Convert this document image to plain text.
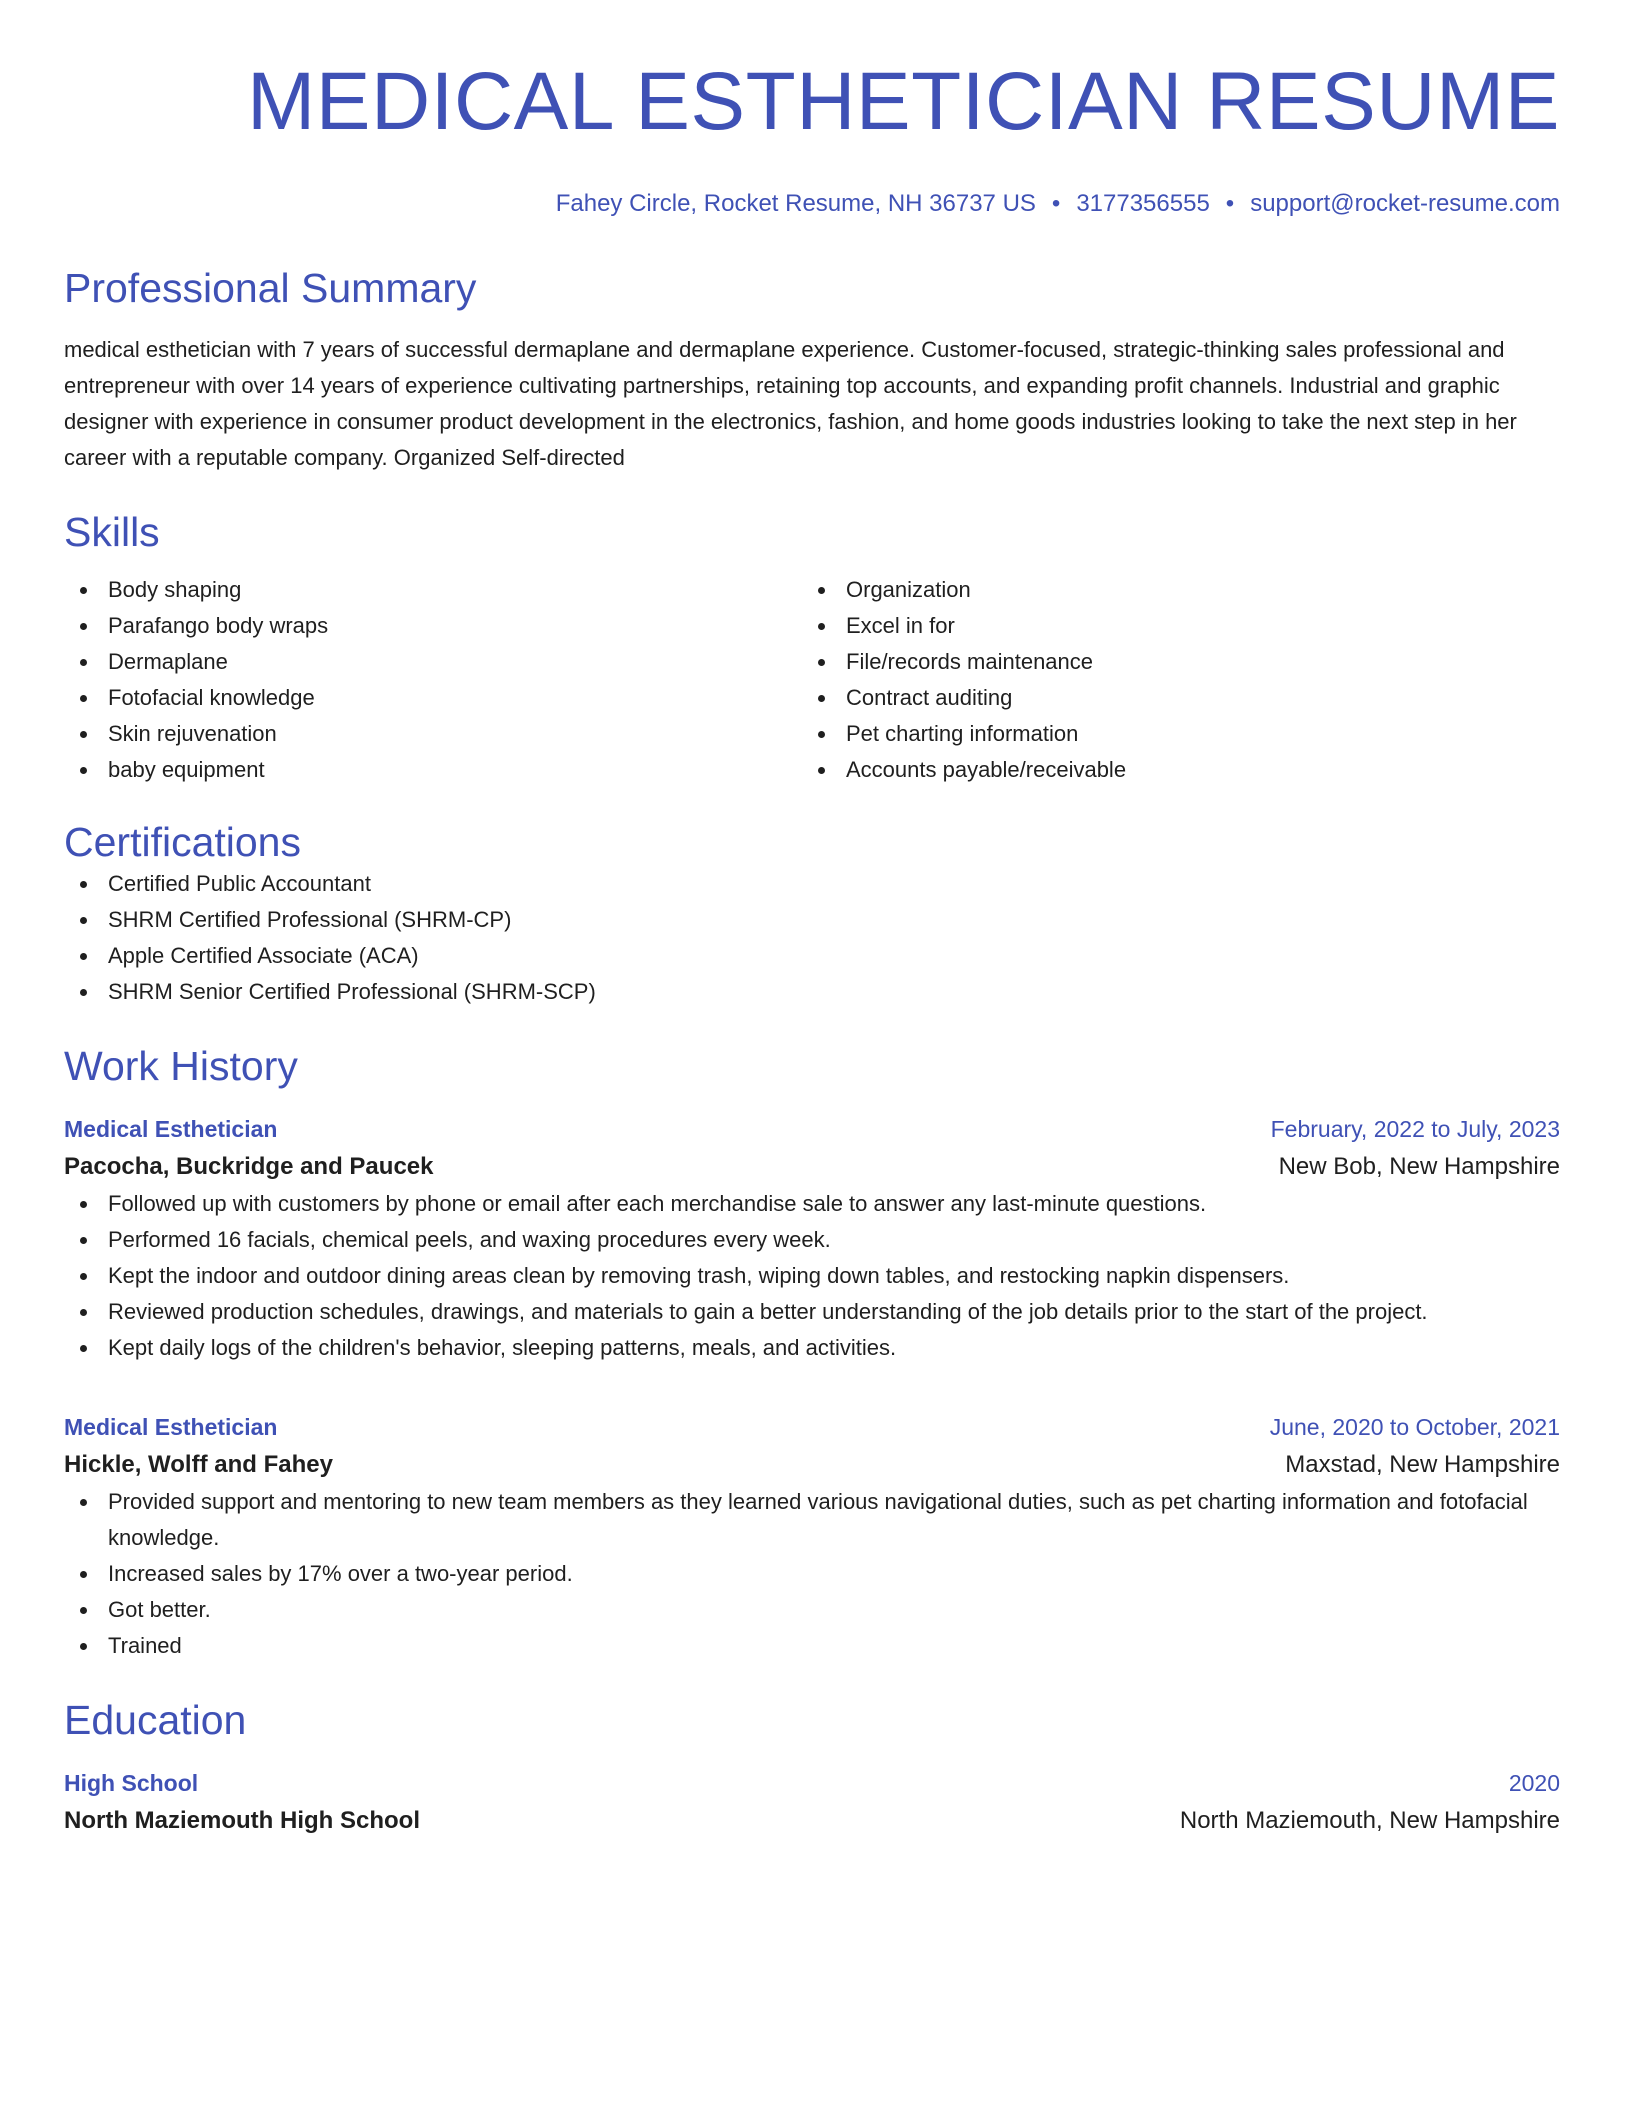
MEDICAL ESTHETICIAN RESUME
Fahey Circle, Rocket Resume, NH 36737 US • 3177356555 • support@rocket-resume.com
Professional Summary

medical esthetician with 7 years of successful dermaplane and dermaplane experience. Customer-focused, strategic-thinking sales professional and entrepreneur with over 14 years of experience cultivating partnerships, retaining top accounts, and expanding profit channels. Industrial and graphic designer with experience in consumer product development in the electronics, fashion, and home goods industries looking to take the next step in her career with a reputable company. Organized Self-directed

Skills
Body shaping
Parafango body wraps
Dermaplane
Fotofacial knowledge
Skin rejuvenation
baby equipment
Organization
Excel in for
File/records maintenance
Contract auditing
Pet charting information
Accounts payable/receivable
Certifications
Certified Public Accountant
SHRM Certified Professional (SHRM-CP)
Apple Certified Associate (ACA)
SHRM Senior Certified Professional (SHRM-SCP)
Work History
Medical Esthetician	February, 2022 to July, 2023
Pacocha, Buckridge and Paucek	New Bob, New Hampshire
Followed up with customers by phone or email after each merchandise sale to answer any last-minute questions.
Performed 16 facials, chemical peels, and waxing procedures every week.
Kept the indoor and outdoor dining areas clean by removing trash, wiping down tables, and restocking napkin dispensers.
Reviewed production schedules, drawings, and materials to gain a better understanding of the job details prior to the start of the project.
Kept daily logs of the children's behavior, sleeping patterns, meals, and activities.
Medical Esthetician	June, 2020 to October, 2021
Hickle, Wolff and Fahey	Maxstad, New Hampshire
Provided support and mentoring to new team members as they learned various navigational duties, such as pet charting information and fotofacial knowledge.
Increased sales by 17% over a two-year period.
Got better.
Trained
Education
High School	2020
North Maziemouth High School	North Maziemouth, New Hampshire
